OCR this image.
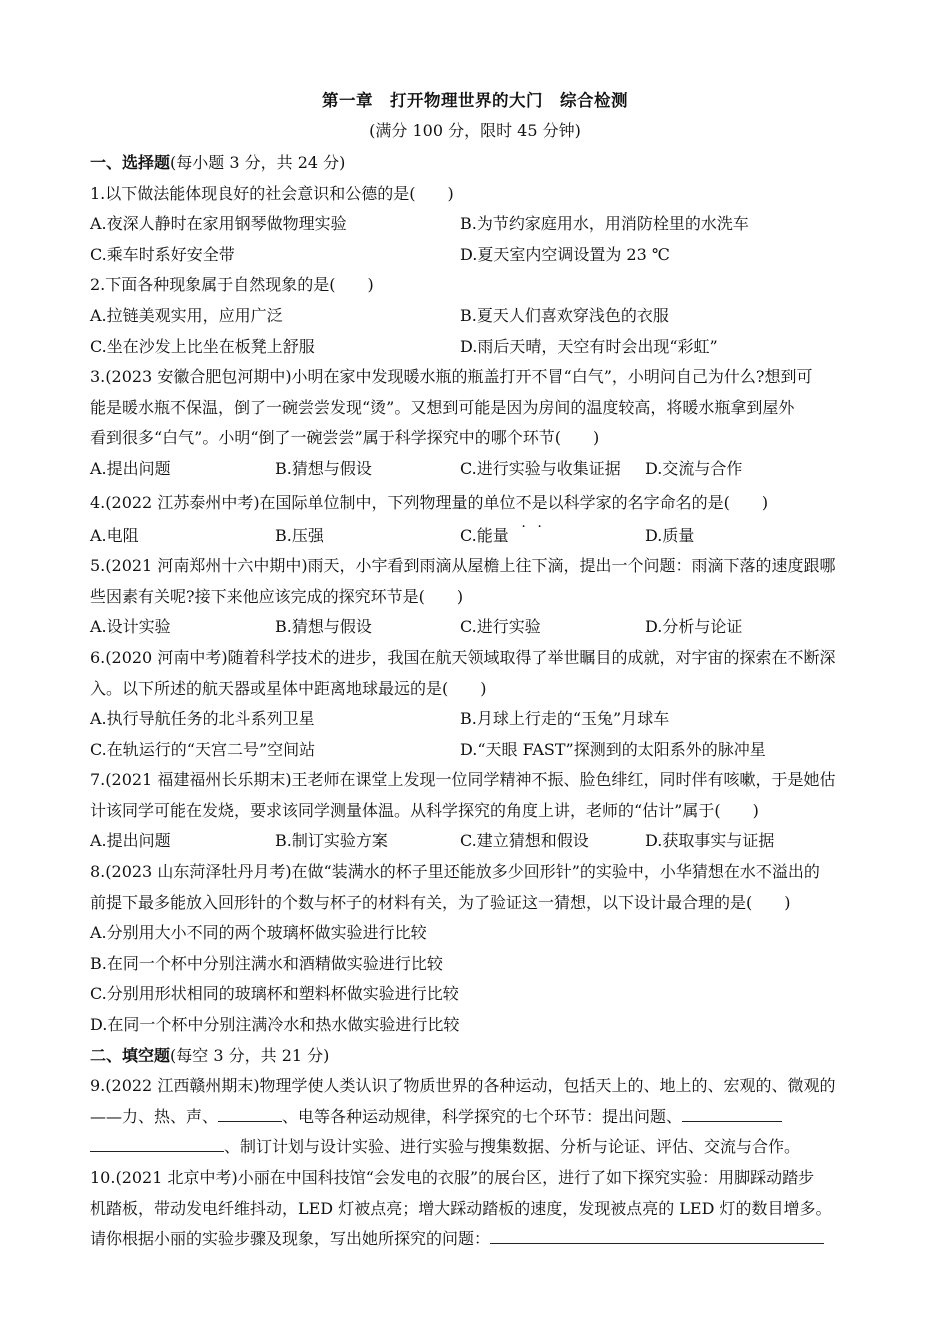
第一章　打开物理世界的大门　综合检测
(满分 100 分，限时 45 分钟)
一、选择题(每小题 3 分，共 24 分)
1.以下做法能体现良好的社会意识和公德的是(　　)
A.夜深人静时在家用钢琴做物理实验	B.为节约家庭用水，用消防栓里的水洗车
C.乘车时系好安全带	D.夏天室内空调设置为 23 ℃
2.下面各种现象属于自然现象的是(　　)
A.拉链美观实用，应用广泛	B.夏天人们喜欢穿浅色的衣服
C.坐在沙发上比坐在板凳上舒服	D.雨后天晴，天空有时会出现“彩虹”
3.(2023 安徽合肥包河期中)小明在家中发现暖水瓶的瓶盖打开不冒“白气”，小明问自己为什么?想到可
能是暖水瓶不保温，倒了一碗尝尝发现“烫”。又想到可能是因为房间的温度较高，将暖水瓶拿到屋外
看到很多“白气”。小明“倒了一碗尝尝”属于科学探究中的哪个环节(　　)
A.提出问题	B.猜想与假设	C.进行实验与收集证据	D.交流与合作
4.(2022 江苏泰州中考)在国际单位制中，下列物理量的单位不是以科学家的名字命名的是(　　)
A.电阻	B.压强	C.能量	D.质量
5.(2021 河南郑州十六中期中)雨天，小宇看到雨滴从屋檐上往下滴，提出一个问题：雨滴下落的速度跟哪
些因素有关呢?接下来他应该完成的探究环节是(　　)
A.设计实验	B.猜想与假设	C.进行实验	D.分析与论证
6.(2020 河南中考)随着科学技术的进步，我国在航天领域取得了举世瞩目的成就，对宇宙的探索在不断深
入。以下所述的航天器或星体中距离地球最远的是(　　)
A.执行导航任务的北斗系列卫星	B.月球上行走的“玉兔”月球车
C.在轨运行的“天宫二号”空间站	D.“天眼 FAST”探测到的太阳系外的脉冲星
7.(2021 福建福州长乐期末)王老师在课堂上发现一位同学精神不振、脸色绯红，同时伴有咳嗽，于是她估
计该同学可能在发烧，要求该同学测量体温。从科学探究的角度上讲，老师的“估计”属于(　　)
A.提出问题	B.制订实验方案	C.建立猜想和假设	D.获取事实与证据
8.(2023 山东菏泽牡丹月考)在做“装满水的杯子里还能放多少回形针”的实验中，小华猜想在水不溢出的
前提下最多能放入回形针的个数与杯子的材料有关，为了验证这一猜想，以下设计最合理的是(　　)
A.分别用大小不同的两个玻璃杯做实验进行比较
B.在同一个杯中分别注满水和酒精做实验进行比较
C.分别用形状相同的玻璃杯和塑料杯做实验进行比较
D.在同一个杯中分别注满冷水和热水做实验进行比较
二、填空题(每空 3 分，共 21 分)
9.(2022 江西赣州期末)物理学使人类认识了物质世界的各种运动，包括天上的、地上的、宏观的、微观的
——力、热、声、	、电等各种运动规律，科学探究的七个环节：提出问题、
、制订计划与设计实验、进行实验与搜集数据、分析与论证、评估、交流与合作。
10.(2021 北京中考)小丽在中国科技馆“会发电的衣服”的展台区，进行了如下探究实验：用脚踩动踏步
机踏板，带动发电纤维抖动，LED 灯被点亮；增大踩动踏板的速度，发现被点亮的 LED 灯的数目增多。
请你根据小丽的实验步骤及现象，写出她所探究的问题：
